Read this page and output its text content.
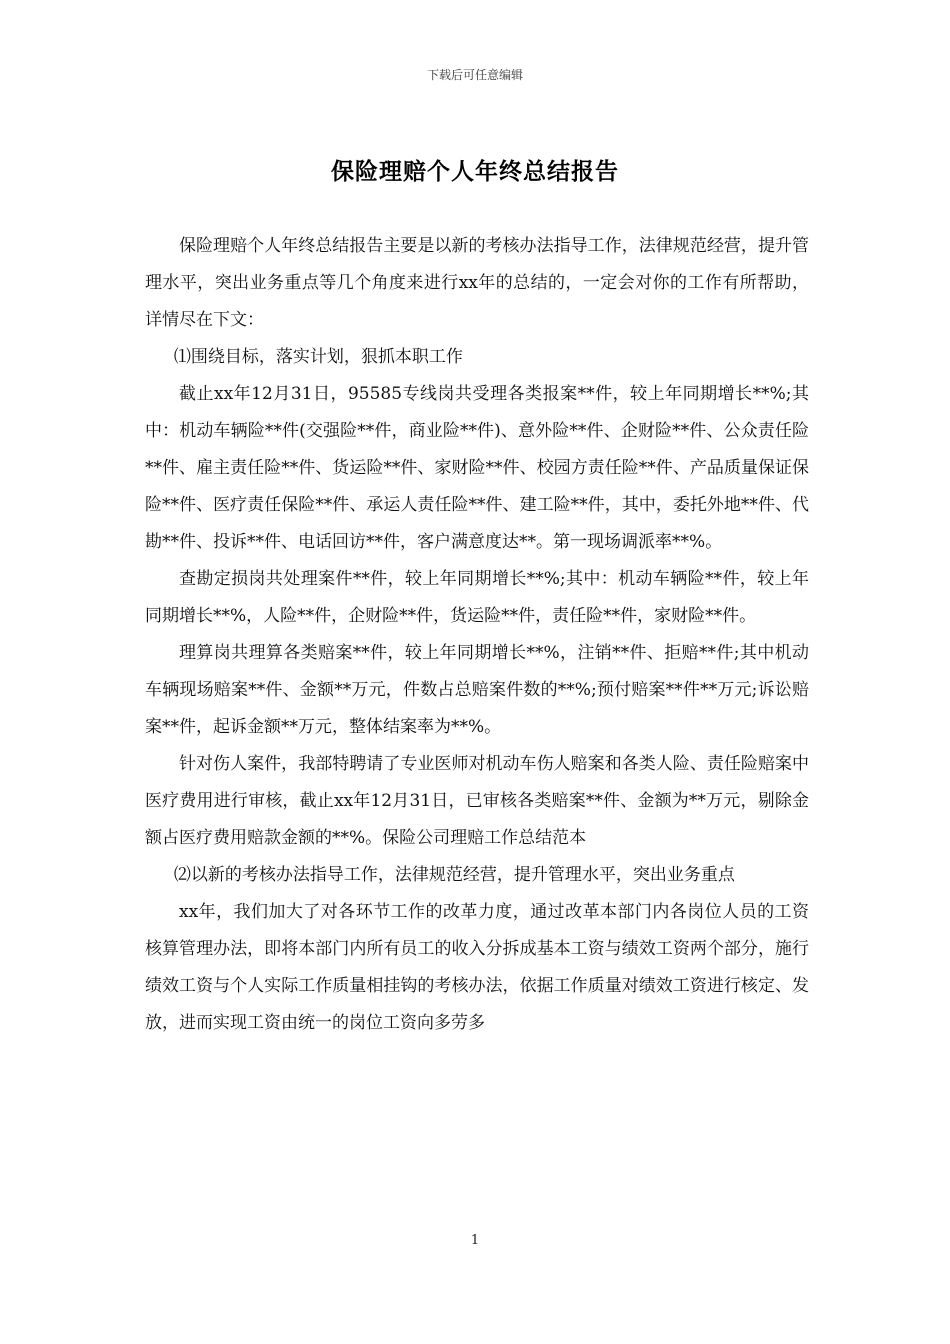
下载后可任意编辑
保险理赔个人年终总结报告

保险理赔个人年终总结报告主要是以新的考核办法指导工作，法律规范经营，提升管理水平，突出业务重点等几个角度来进行xx年的总结的，一定会对你的工作有所帮助，详情尽在下文：

⑴围绕目标，落实计划，狠抓本职工作

截止xx年12月31日，95585专线岗共受理各类报案**件，较上年同期增长**%;其中：机动车辆险**件(交强险**件，商业险**件)、意外险**件、企财险**件、公众责任险**件、雇主责任险**件、货运险**件、家财险**件、校园方责任险**件、产品质量保证保险**件、医疗责任保险**件、承运人责任险**件、建工险**件，其中，委托外地**件、代勘**件、投诉**件、电话回访**件，客户满意度达**。第一现场调派率**%。

查勘定损岗共处理案件**件，较上年同期增长**%;其中：机动车辆险**件，较上年同期增长**%，人险**件，企财险**件，货运险**件，责任险**件，家财险**件。

理算岗共理算各类赔案**件，较上年同期增长**%，注销**件、拒赔**件;其中机动车辆现场赔案**件、金额**万元，件数占总赔案件数的**%;预付赔案**件**万元;诉讼赔案**件，起诉金额**万元，整体结案率为**%。

针对伤人案件，我部特聘请了专业医师对机动车伤人赔案和各类人险、责任险赔案中医疗费用进行审核，截止xx年12月31日，已审核各类赔案**件、金额为**万元，剔除金额占医疗费用赔款金额的**%。保险公司理赔工作总结范本

⑵以新的考核办法指导工作，法律规范经营，提升管理水平，突出业务重点

xx年，我们加大了对各环节工作的改革力度，通过改革本部门内各岗位人员的工资核算管理办法，即将本部门内所有员工的收入分拆成基本工资与绩效工资两个部分，施行绩效工资与个人实际工作质量相挂钩的考核办法，依据工作质量对绩效工资进行核定、发放，进而实现工资由统一的岗位工资向多劳多

1
